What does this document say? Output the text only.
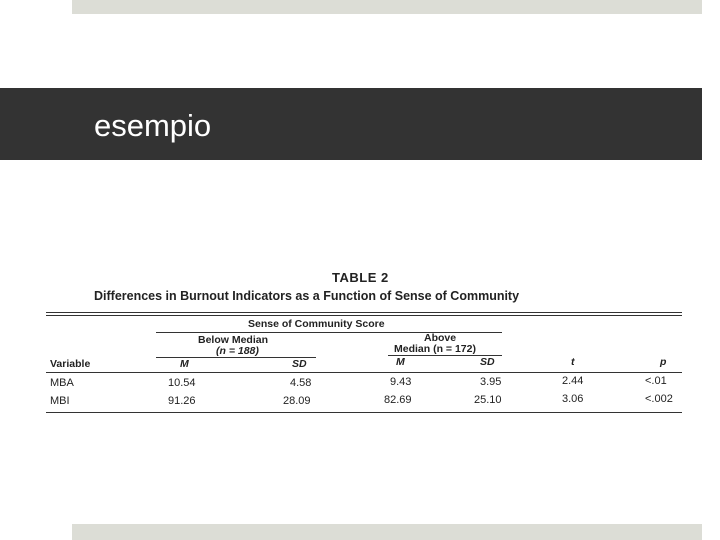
esempio

TABLE 2

Differences in Burnout Indicators as a Function of Sense of Community

Sense of Community Score

Below Median

(n = 188)

Above

Median (n = 172)

Variable	M	SD	M	SD	t	p

MBA	10.54	4.58	9.43	3.95	2.44	<.01

MBI	91.26	28.09	82.69	25.10	3.06	<.002
